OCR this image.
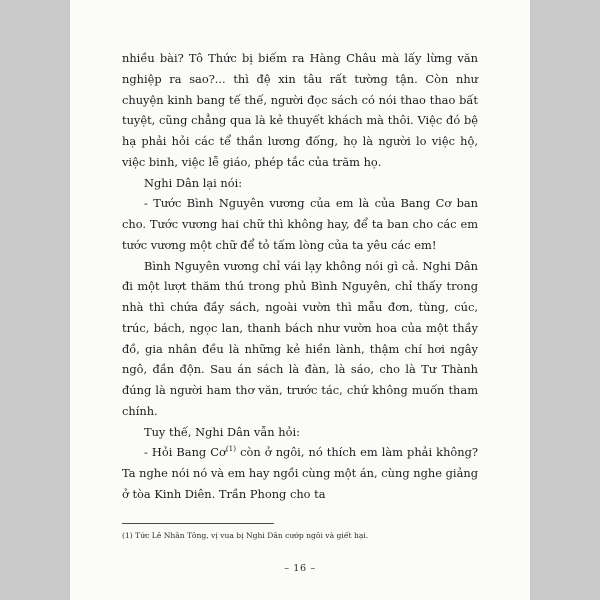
nhiều bài? Tô Thức bị biếm ra Hàng Châu mà lấy lừng văn nghiệp ra sao?... thì đệ xin tâu rất tường tận. Còn như chuyện kinh bang tế thế, người đọc sách có nói thao thao bất tuyệt, cũng chẳng qua là kẻ thuyết khách mà thôi. Việc đó bệ hạ phải hỏi các tể thần lương đống, họ là người lo việc hộ, việc binh, việc lễ giáo, phép tắc của trăm họ.

Nghi Dân lại nói:

- Tước Bình Nguyên vương của em là của Bang Cơ ban cho. Tước vương hai chữ thì không hay, để ta ban cho các em tước vương một chữ để tỏ tấm lòng của ta yêu các em!

Bình Nguyên vương chỉ vái lạy không nói gì cả. Nghi Dân đi một lượt thăm thú trong phủ Bình Nguyên, chỉ thấy trong nhà thì chứa đầy sách, ngoài vườn thì mẫu đơn, tùng, cúc, trúc, bách, ngọc lan, thanh bách như vườn hoa của một thầy đồ, gia nhân đều là những kẻ hiền lành, thậm chí hơi ngây ngô, đần độn. Sau án sách là đàn, là sáo, cho là Tư Thành đúng là người ham thơ văn, trước tác, chứ không muốn tham chính.

Tuy thế, Nghi Dân vẫn hỏi:

- Hỏi Bang Cơ$^{(1)}$ còn ở ngôi, nó thích em làm phải không? Ta nghe nói nó và em hay ngồi cùng một án, cùng nghe giảng ở tòa Kinh Diên. Trần Phong cho ta

(1) Tức Lê Nhân Tông, vị vua bị Nghi Dân cướp ngôi và giết hại.

– 16 –
